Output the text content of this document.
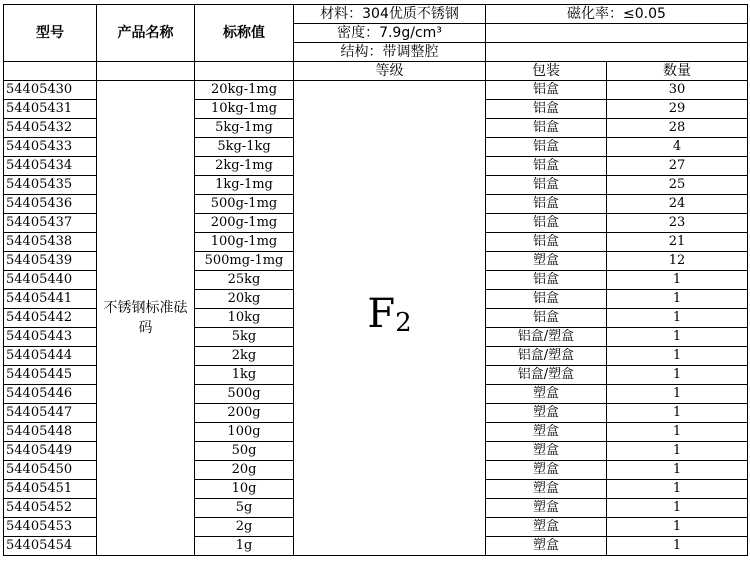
型号	产品名称	标称值	材料：304优质不锈钢	磁化率：≤0.05	
			密度：7.9g/cm³		
			结构：带调整腔		
			等级	包装	数量
54405430	不锈钢标准砝码	20kg-1mg	$F_2$	铝盒	30
54405431		10kg-1mg		铝盒	29
54405432		5kg-1mg		铝盒	28
54405433		5kg-1kg		铝盒	4
54405434		2kg-1mg		铝盒	27
54405435		1kg-1mg		铝盒	25
54405436		500g-1mg		铝盒	24
54405437		200g-1mg		铝盒	23
54405438		100g-1mg		铝盒	21
54405439		500mg-1mg		塑盒	12
54405440		25kg		铝盒	1
54405441		20kg		铝盒	1
54405442		10kg		铝盒	1
54405443		5kg		铝盒/塑盒	1
54405444		2kg		铝盒/塑盒	1
54405445		1kg		铝盒/塑盒	1
54405446		500g		塑盒	1
54405447		200g		塑盒	1
54405448		100g		塑盒	1
54405449		50g		塑盒	1
54405450		20g		塑盒	1
54405451		10g		塑盒	1
54405452		5g		塑盒	1
54405453		2g		塑盒	1
54405454		1g		塑盒	1
